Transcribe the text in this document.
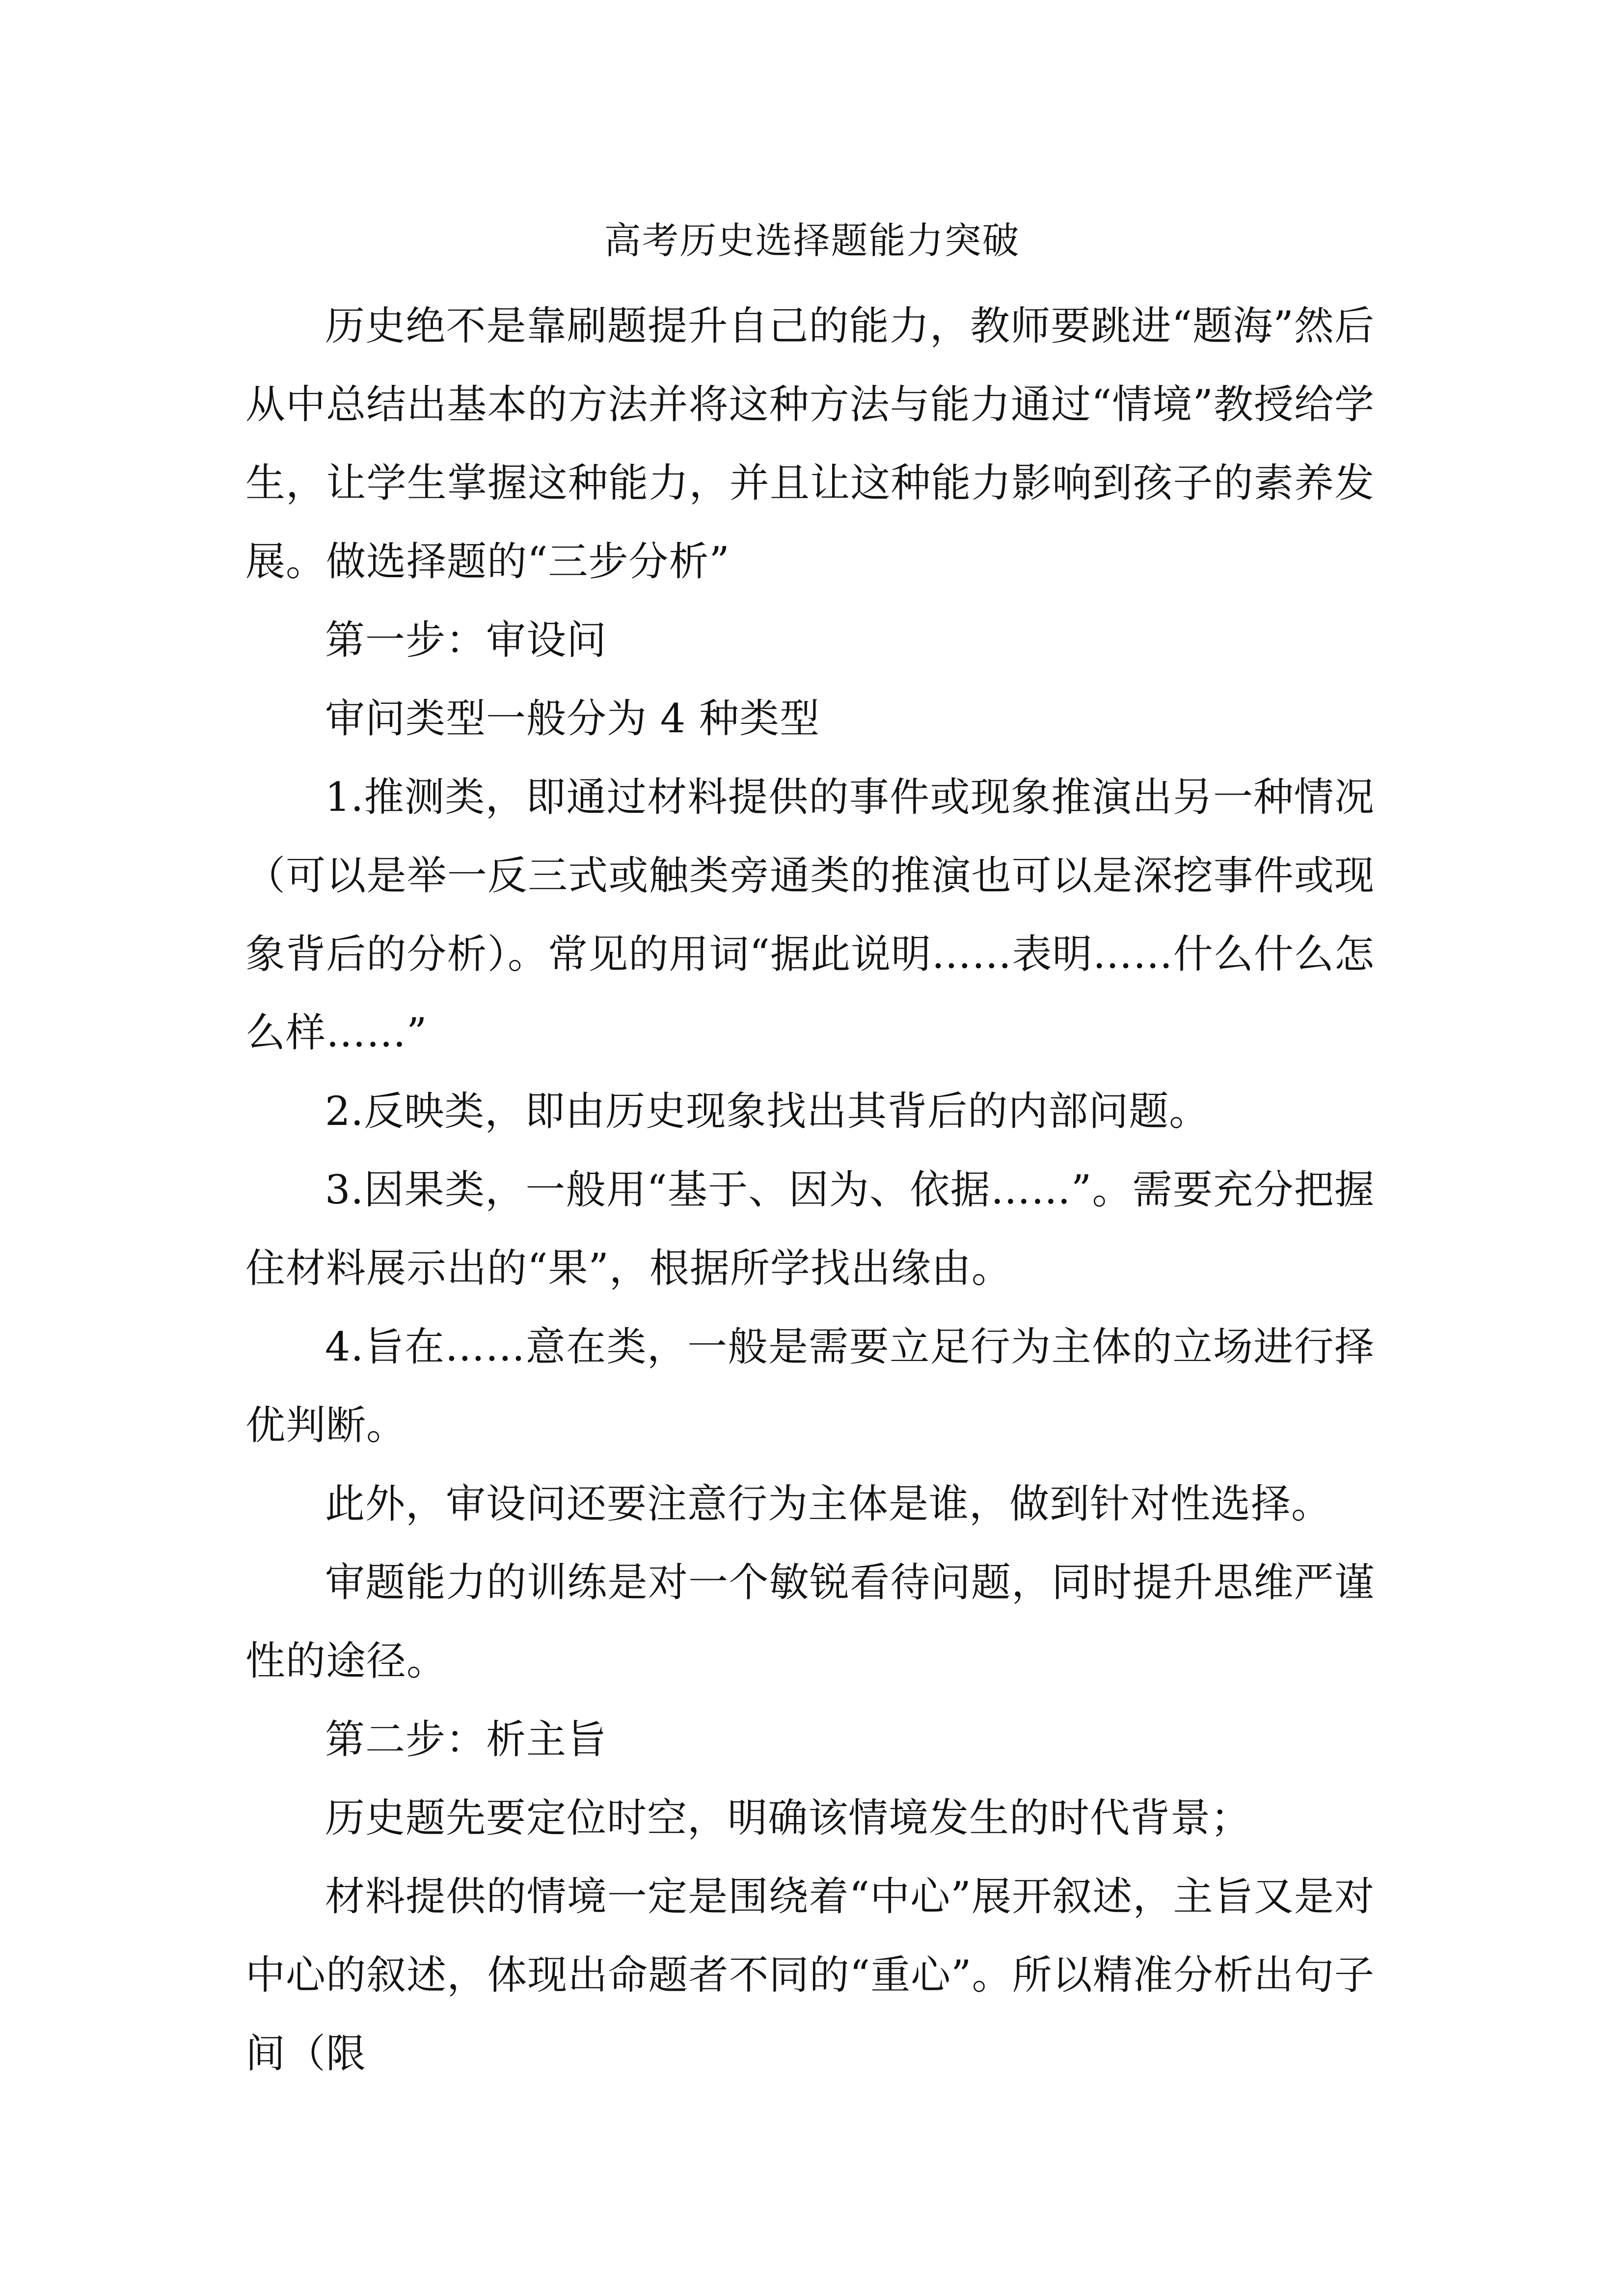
高考历史选择题能力突破

历史绝不是靠刷题提升自己的能力，教师要跳进“题海”然后从中总结出基本的方法并将这种方法与能力通过“情境”教授给学生，让学生掌握这种能力，并且让这种能力影响到孩子的素养发展。做选择题的“三步分析”

第一步：审设问

审问类型一般分为 4 种类型

1.推测类，即通过材料提供的事件或现象推演出另一种情况（可以是举一反三式或触类旁通类的推演也可以是深挖事件或现象背后的分析）。常见的用词“据此说明……表明……什么什么怎么样……”

2.反映类，即由历史现象找出其背后的内部问题。

3.因果类，一般用“基于、因为、依据……”。需要充分把握住材料展示出的“果”，根据所学找出缘由。

4.旨在……意在类，一般是需要立足行为主体的立场进行择优判断。

此外，审设问还要注意行为主体是谁，做到针对性选择。

审题能力的训练是对一个敏锐看待问题，同时提升思维严谨性的途径。

第二步：析主旨

历史题先要定位时空，明确该情境发生的时代背景；

材料提供的情境一定是围绕着“中心”展开叙述，主旨又是对中心的叙述，体现出命题者不同的“重心”。所以精准分析出句子间（限
